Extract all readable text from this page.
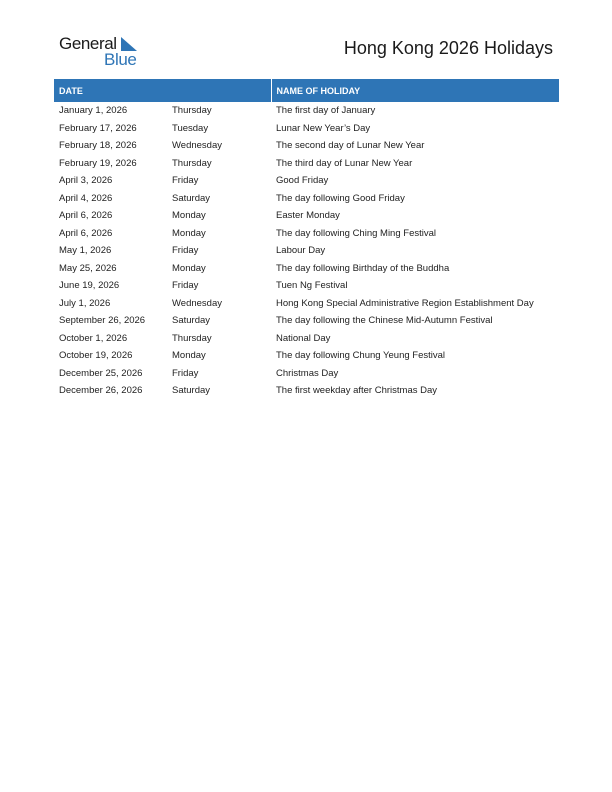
General
Blue
Hong Kong 2026 Holidays
DATE		NAME OF HOLIDAY
January 1, 2026	Thursday	The first day of January
February 17, 2026	Tuesday	Lunar New Year’s Day
February 18, 2026	Wednesday	The second day of Lunar New Year
February 19, 2026	Thursday	The third day of Lunar New Year
April 3, 2026	Friday	Good Friday
April 4, 2026	Saturday	The day following Good Friday
April 6, 2026	Monday	Easter Monday
April 6, 2026	Monday	The day following Ching Ming Festival
May 1, 2026	Friday	Labour Day
May 25, 2026	Monday	The day following Birthday of the Buddha
June 19, 2026	Friday	Tuen Ng Festival
July 1, 2026	Wednesday	Hong Kong Special Administrative Region Establishment Day
September 26, 2026	Saturday	The day following the Chinese Mid-Autumn Festival
October 1, 2026	Thursday	National Day
October 19, 2026	Monday	The day following Chung Yeung Festival
December 25, 2026	Friday	Christmas Day
December 26, 2026	Saturday	The first weekday after Christmas Day
